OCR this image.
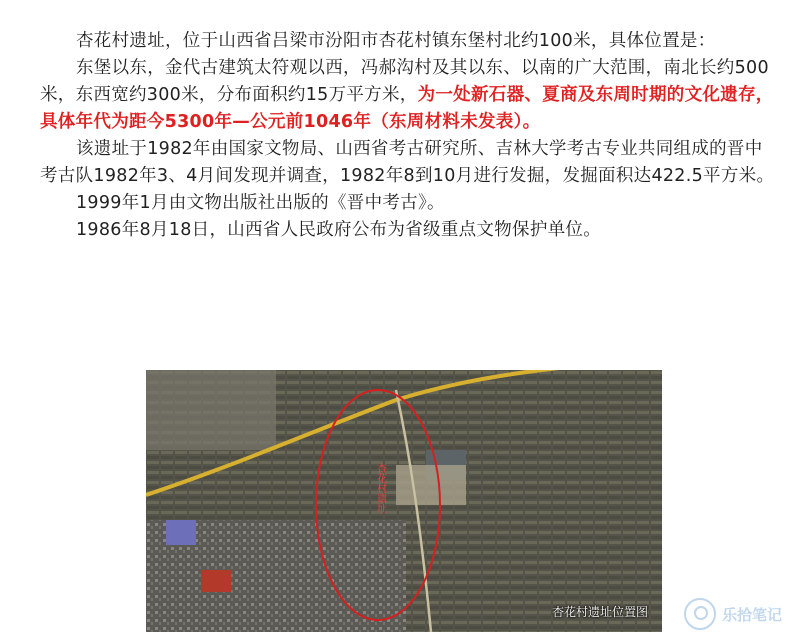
杏花村遗址，位于山西省吕梁市汾阳市杏花村镇东堡村北约100米，具体位置是：

东堡以东，金代古建筑太符观以西，冯郝沟村及其以东、以南的广大范围，南北长约500米，东西宽约300米，分布面积约15万平方米，为一处新石器、夏商及东周时期的文化遗存，具体年代为距今5300年—公元前1046年（东周材料未发表）。

该遗址于1982年由国家文物局、山西省考古研究所、吉林大学考古专业共同组成的晋中考古队1982年3、4月间发现并调查，1982年8到10月进行发掘，发掘面积达422.5平方米。

1999年1月由文物出版社出版的《晋中考古》。

1986年8月18日，山西省人民政府公布为省级重点文物保护单位。

杏花村遗址
杏花村遗址位置图	乐拾笔记
